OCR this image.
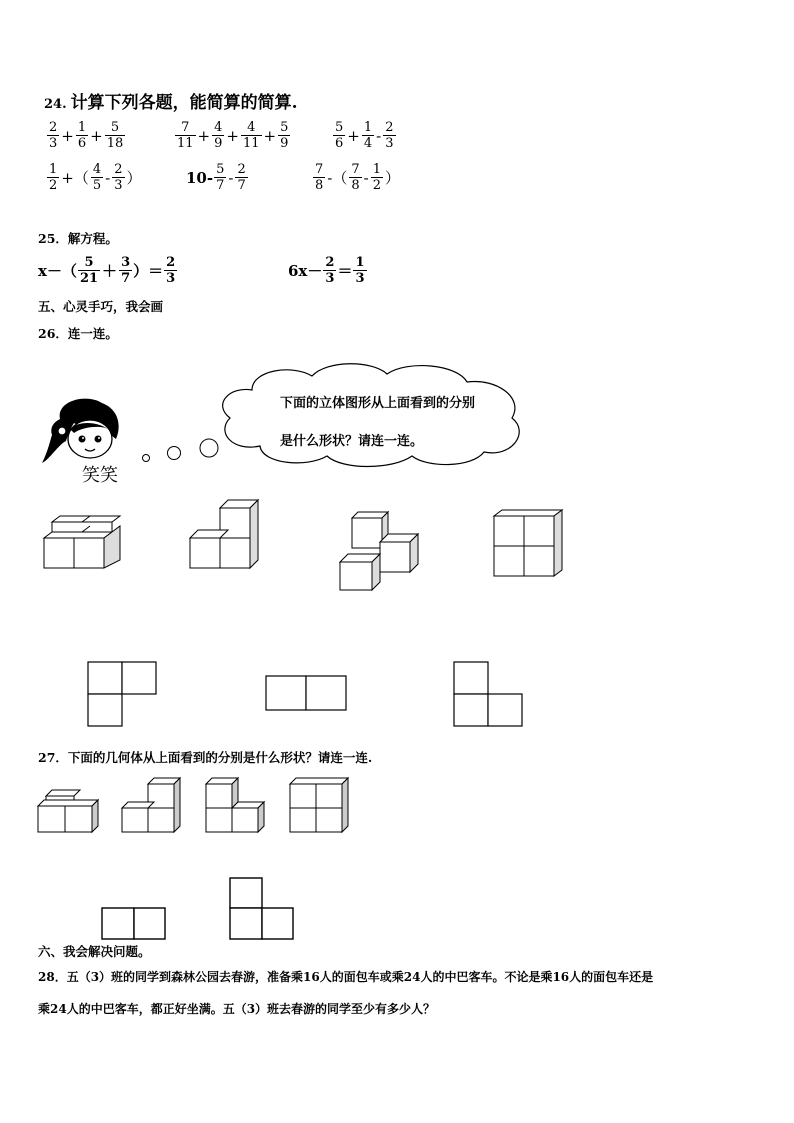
24. 计算下列各题，能简算的简算.
$\frac{2}{3} + \frac{1}{6} + \frac{5}{18}$	$\frac{7}{11} + \frac{4}{9} + \frac{4}{11} + \frac{5}{9}$	$\frac{5}{6} + \frac{1}{4} - \frac{2}{3}$
$\frac{1}{2}$ +（ $\frac{4}{5} - \frac{2}{3}$ ）	$10- \frac{5}{7} - \frac{2}{7}$	$\frac{7}{8}$ -（ $\frac{7}{8} - \frac{1}{2}$ ）
25．解方程。
$x-( \frac{5}{21} + \frac{3}{7}$ ）＝ $\frac{2}{3}$	$6x- \frac{2}{3} = \frac{1}{3}$
五、心灵手巧，我会画
26．连一连。
下面的立体图形从上面看到的分别
是什么形状？请连一连。
笑笑
27．下面的几何体从上面看到的分别是什么形状？请连一连.
六、我会解决问题。
28．五（3）班的同学到森林公园去春游，准备乘16人的面包车或乘24人的中巴客车。不论是乘16人的面包车还是
乘24人的中巴客车，都正好坐满。五（3）班去春游的同学至少有多少人？
